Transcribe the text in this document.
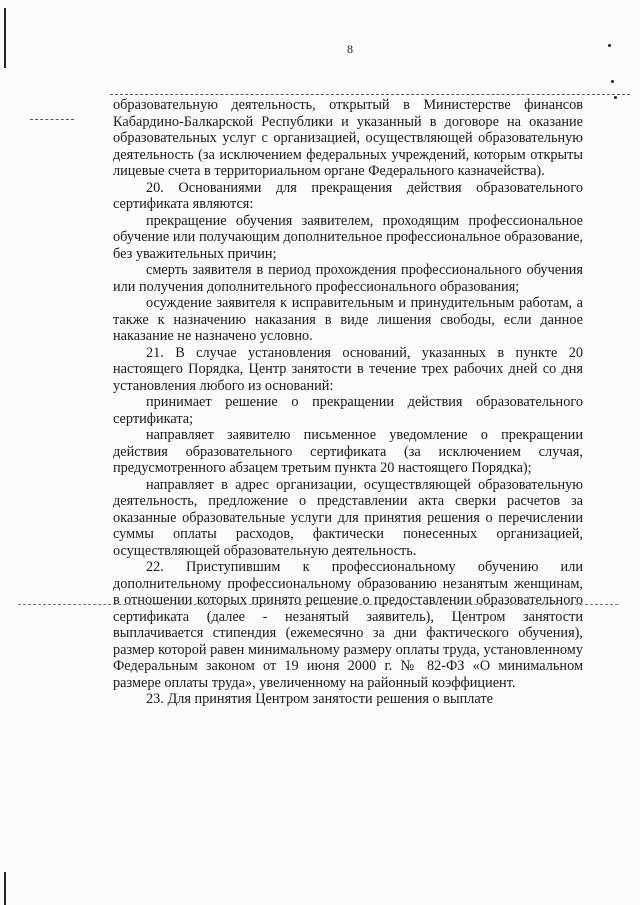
8

образовательную деятельность, открытый в Министерстве финансов Кабардино-Балкарской Республики и указанный в договоре на оказание образовательных услуг с организацией, осуществляющей образовательную деятельность (за исключением федеральных учреждений, которым открыты лицевые счета в территориальном органе Федерального казначейства).

20. Основаниями для прекращения действия образовательного сертификата являются:

прекращение обучения заявителем, проходящим профессиональное обучение или получающим дополнительное профессиональное образование, без уважительных причин;

смерть заявителя в период прохождения профессионального обучения или получения дополнительного профессионального образования;

осуждение заявителя к исправительным и принудительным работам, а также к назначению наказания в виде лишения свободы, если данное наказание не назначено условно.

21. В случае установления оснований, указанных в пункте 20 настоящего Порядка, Центр занятости в течение трех рабочих дней со дня установления любого из оснований:

принимает решение о прекращении действия образовательного сертификата;

направляет заявителю письменное уведомление о прекращении действия образовательного сертификата (за исключением случая, предусмотренного абзацем третьим пункта 20 настоящего Порядка);

направляет в адрес организации, осуществляющей образовательную деятельность, предложение о представлении акта сверки расчетов за оказанные образовательные услуги для принятия решения о перечислении суммы оплаты расходов, фактически понесенных организацией, осуществляющей образовательную деятельность.

22. Приступившим к профессиональному обучению или дополнительному профессиональному образованию незанятым женщинам, в отношении которых принято решение о предоставлении образовательного сертификата (далее - незанятый заявитель), Центром занятости выплачивается стипендия (ежемесячно за дни фактического обучения), размер которой равен минимальному размеру оплаты труда, установленному Федеральным законом от 19 июня 2000 г. № 82-ФЗ «О минимальном размере оплаты труда», увеличенному на районный коэффициент.

23. Для принятия Центром занятости решения о выплате
